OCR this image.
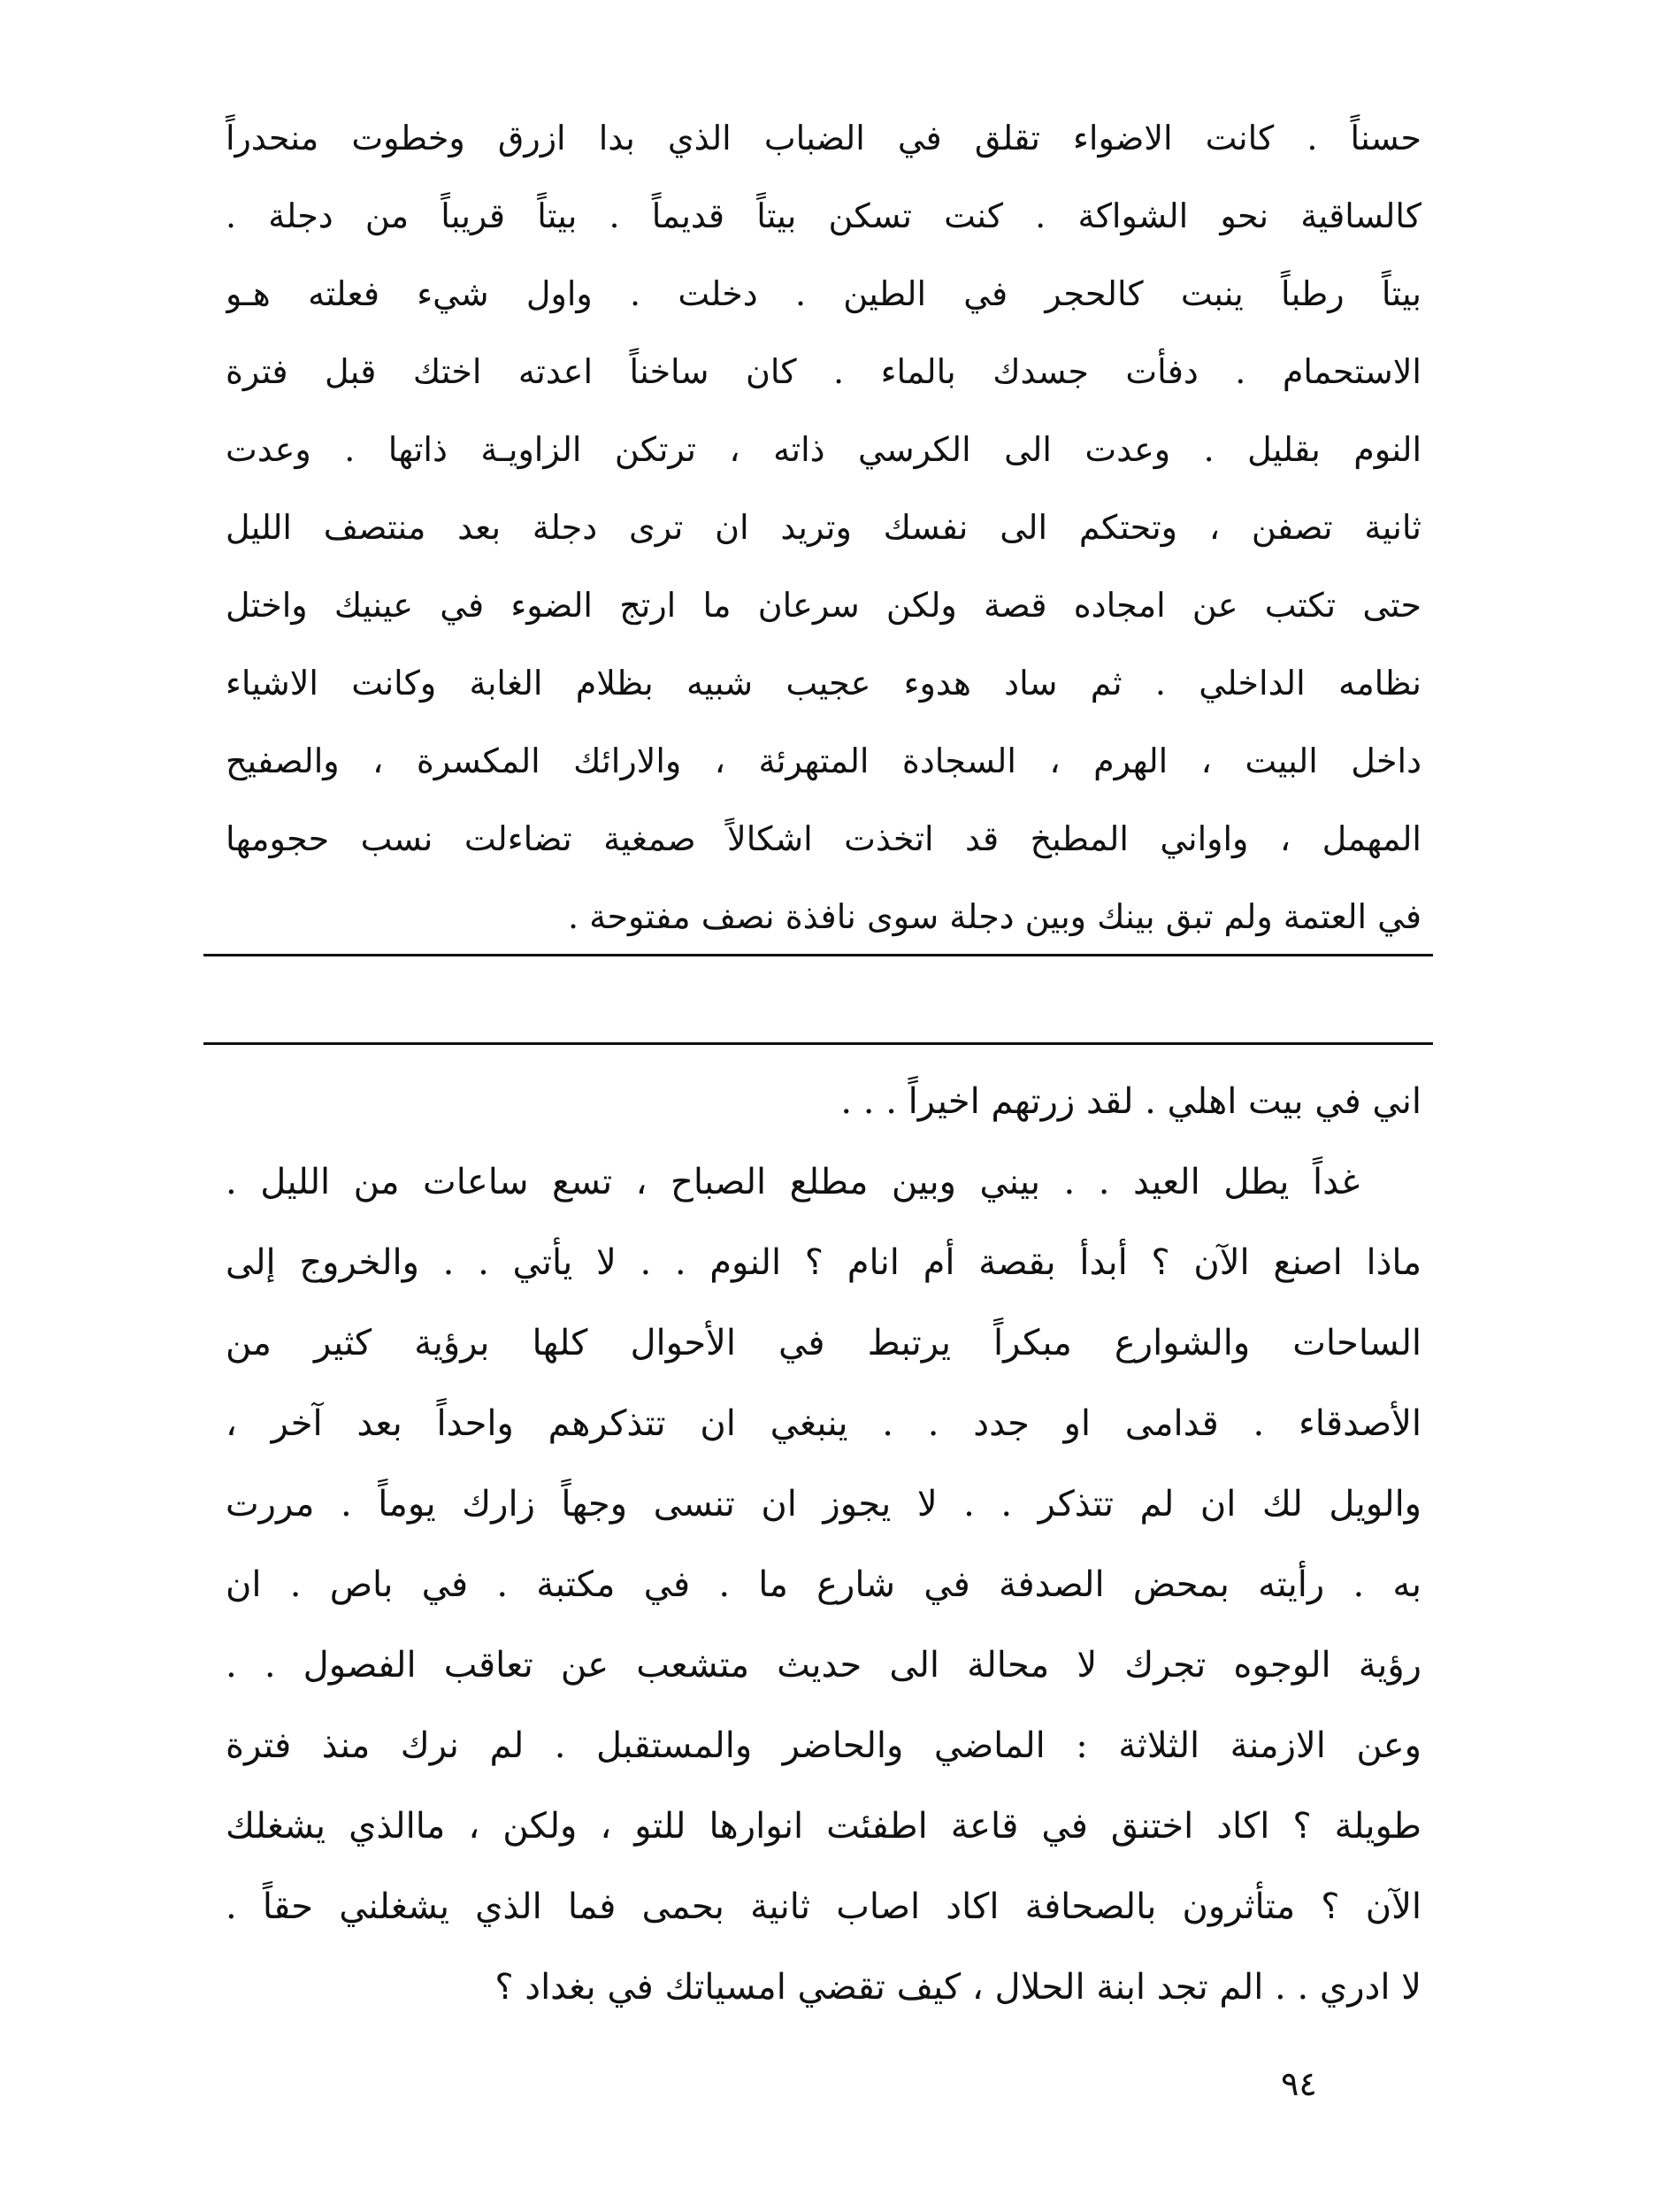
حسناً . كانت الاضواء تقلق في الضباب الذي بدا ازرق وخطوت منحدراً
كالساقية نحو الشواكة . كنت تسكن بيتاً قديماً . بيتاً قريباً من دجلة .
بيتاً رطباً ينبت كالحجر في الطين . دخلت . واول شيء فعلته هـو
الاستحمام . دفأت جسدك بالماء . كان ساخناً اعدته اختك قبل فترة
النوم بقليل . وعدت الى الكرسي ذاته ، ترتكن الزاويـة ذاتها . وعدت
ثانية تصفن ، وتحتكم الى نفسك وتريد ان ترى دجلة بعد منتصف الليل
حتى تكتب عن امجاده قصة ولكن سرعان ما ارتج الضوء في عينيك واختل
نظامه الداخلي . ثم ساد هدوء عجيب شبيه بظلام الغابة وكانت الاشياء
داخل البيت ، الهرم ، السجادة المتهرئة ، والارائك المكسرة ، والصفيح
المهمل ، واواني المطبخ قد اتخذت اشكالاً صمغية تضاءلت نسب حجومها
في العتمة ولم تبق بينك وبين دجلة سوى نافذة نصف مفتوحة .
اني في بيت اهلي . لقد زرتهم اخيراً . . .
غداً يطل العيد . . بيني وبين مطلع الصباح ، تسع ساعات من الليل .
ماذا اصنع الآن ؟ أبدأ بقصة أم انام ؟ النوم . . لا يأتي . . والخروج إلى
الساحات والشوارع مبكراً يرتبط في الأحوال كلها برؤية كثير من
الأصدقاء . قدامى او جدد . . ينبغي ان تتذكرهم واحداً بعد آخر ،
والويل لك ان لم تتذكر . . لا يجوز ان تنسى وجهاً زارك يوماً . مررت
به . رأيته بمحض الصدفة في شارع ما . في مكتبة . في باص . ان
رؤية الوجوه تجرك لا محالة الى حديث متشعب عن تعاقب الفصول . .
وعن الازمنة الثلاثة : الماضي والحاضر والمستقبل . لم نرك منذ فترة
طويلة ؟ اكاد اختنق في قاعة اطفئت انوارها للتو ، ولكن ، ماالذي يشغلك
الآن ؟ متأثرون بالصحافة اكاد اصاب ثانية بحمى فما الذي يشغلني حقاً .
لا ادري . . الم تجد ابنة الحلال ، كيف تقضي امسياتك في بغداد ؟
٩٤
